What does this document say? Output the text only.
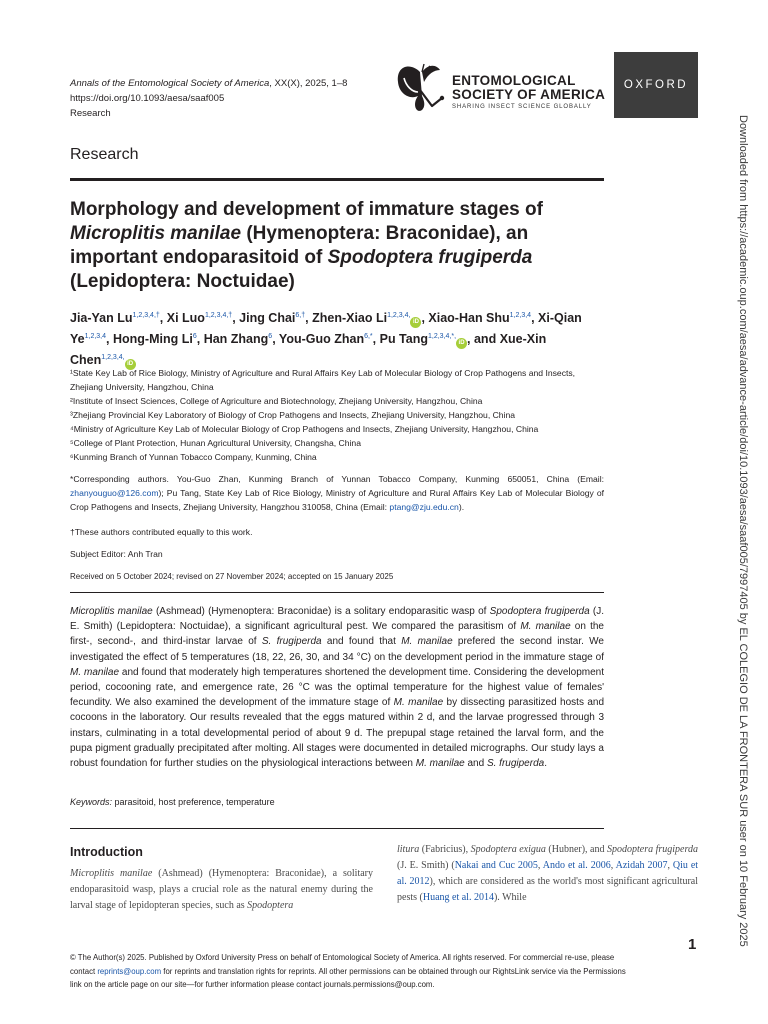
Annals of the Entomological Society of America, XX(X), 2025, 1–8
https://doi.org/10.1093/aesa/saaf005
Research
ENTOMOLOGICAL
SOCIETY OF AMERICA
SHARING INSECT SCIENCE GLOBALLY
OXFORD
Research
Morphology and development of immature stages of Microplitis manilae (Hymenoptera: Braconidae), an important endoparasitoid of Spodoptera frugiperda (Lepidoptera: Noctuidae)
Jia-Yan $Lu^{1,2,3,4,\dagger}$, Xi Luo$^{1,2,3,4,\dagger}$, Jing Chai$^{6,\dagger}$, Zhen-Xiao $Li^{1,2,3,4,}iD$ , Xiao-Han Shu$^{1,2,3,4}$, Xi-Qian Ye$^{1,2,3,4}$, Hong-Ming Li$^6$, Han Zhang$^6$, You-Guo Zhan$^{6,*}$, Pu Tang$^{1,2,3,4,*,}$iD , and Xue-Xin Chen$^{1,2,3,4,}$iD

¹State Key Lab of Rice Biology, Ministry of Agriculture and Rural Affairs Key Lab of Molecular Biology of Crop Pathogens and Insects, Zhejiang University, Hangzhou, China

²Institute of Insect Sciences, College of Agriculture and Biotechnology, Zhejiang University, Hangzhou, China

³Zhejiang Provincial Key Laboratory of Biology of Crop Pathogens and Insects, Zhejiang University, Hangzhou, China

⁴Ministry of Agriculture Key Lab of Molecular Biology of Crop Pathogens and Insects, Zhejiang University, Hangzhou, China

⁵College of Plant Protection, Hunan Agricultural University, Changsha, China

⁶Kunming Branch of Yunnan Tobacco Company, Kunming, China

*Corresponding authors. You-Guo Zhan, Kunming Branch of Yunnan Tobacco Company, Kunming 650051, China (Email: zhanyouguo@126.com); Pu Tang, State Key Lab of Rice Biology, Ministry of Agriculture and Rural Affairs Key Lab of Molecular Biology of Crop Pathogens and Insects, Zhejiang University, Hangzhou 310058, China (Email: ptang@zju.edu.cn).
†These authors contributed equally to this work.
Subject Editor: Anh Tran
Received on 5 October 2024; revised on 27 November 2024; accepted on 15 January 2025
Microplitis manilae (Ashmead) (Hymenoptera: Braconidae) is a solitary endoparasitic wasp of Spodoptera frugiperda (J. E. Smith) (Lepidoptera: Noctuidae), a significant agricultural pest. We compared the parasitism of M. manilae on the first-, second-, and third-instar larvae of S. frugiperda and found that M. manilae prefered the second instar. We investigated the effect of 5 temperatures (18, 22, 26, 30, and 34 °C) on the development period in the immature stage of M. manilae and found that moderately high temperatures shortened the development time. Considering the development period, cocooning rate, and emergence rate, 26 °C was the optimal temperature for the highest value of females' fecundity. We also examined the development of the immature stage of M. manilae by dissecting parasitized hosts and cocoons in the laboratory. Our results revealed that the eggs matured within 2 d, and the larvae progressed through 3 instars, culminating in a total developmental period of about 9 d. The prepupal stage retained the larval form, and the pupa pigment gradually precipitated after molting. All stages were documented in detailed micrographs. Our study lays a robust foundation for further studies on the physiological interactions between M. manilae and S. frugiperda.
Keywords: parasitoid, host preference, temperature
Introduction
Microplitis manilae (Ashmead) (Hymenoptera: Braconidae), a solitary endoparasitoid wasp, plays a crucial role as the natural enemy during the larval stage of lepidopteran species, such as Spodoptera
litura (Fabricius), Spodoptera exigua (Hubner), and Spodoptera frugiperda (J. E. Smith) (Nakai and Cuc 2005, Ando et al. 2006, Azidah 2007, Qiu et al. 2012), which are considered as the world's most significant agricultural pests (Huang et al. 2014). While
1
© The Author(s) 2025. Published by Oxford University Press on behalf of Entomological Society of America. All rights reserved. For commercial re-use, please contact reprints@oup.com for reprints and translation rights for reprints. All other permissions can be obtained through our RightsLink service via the Permissions link on the article page on our site—for further information please contact journals.permissions@oup.com.
Downloaded from https://academic.oup.com/aesa/advance-article/doi/10.1093/aesa/saaf005/7997405 by EL COLEGIO DE LA FRONTERA SUR user on 10 February 2025
